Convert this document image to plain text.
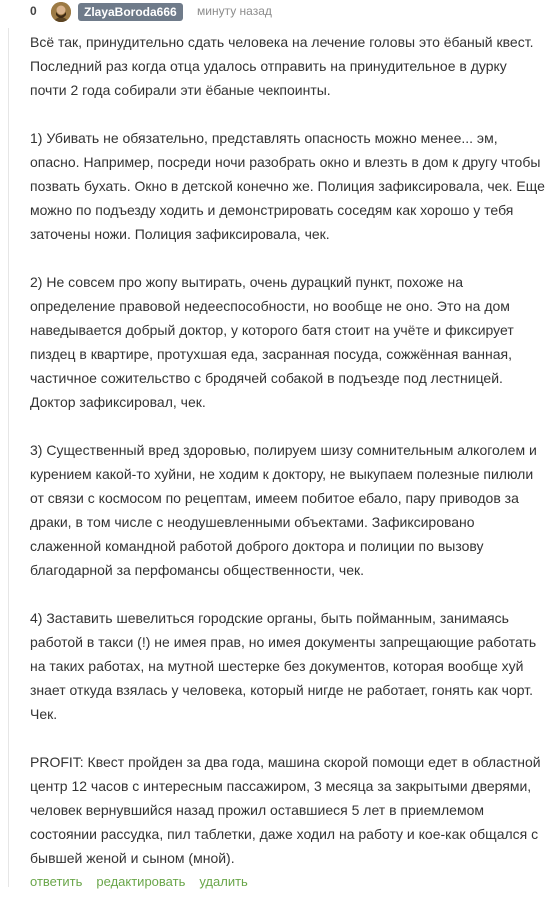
0	ZlayaBoroda666	минуту назад

Всё так, принудительно сдать человека на лечение головы это ёбаный квест. Последний раз когда отца удалось отправить на принудительное в дурку почти 2 года собирали эти ёбаные чекпоинты.

1) Убивать не обязательно, представлять опасность можно менее... эм, опасно. Например, посреди ночи разобрать окно и влезть в дом к другу чтобы позвать бухать. Окно в детской конечно же. Полиция зафиксировала, чек. Еще можно по подъезду ходить и демонстрировать соседям как хорошо у тебя заточены ножи. Полиция зафиксировала, чек.

2) Не совсем про жопу вытирать, очень дурацкий пункт, похоже на определение правовой недееспособности, но вообще не оно. Это на дом наведывается добрый доктор, у которого батя стоит на учёте и фиксирует пиздец в квартире, протухшая еда, засранная посуда, сожжённая ванная, частичное сожительство с бродячей собакой в подъезде под лестницей. Доктор зафиксировал, чек.

3) Существенный вред здоровью, полируем шизу сомнительным алкоголем и курением какой-то хуйни, не ходим к доктору, не выкупаем полезные пилюли от связи с космосом по рецептам, имеем побитое ебало, пару приводов за драки, в том числе с неодушевленными объектами. Зафиксировано слаженной командной работой доброго доктора и полиции по вызову благодарной за перфомансы общественности, чек.

4) Заставить шевелиться городские органы, быть пойманным, занимаясь работой в такси (!) не имея прав, но имея документы запрещающие работать на таких работах, на мутной шестерке без документов, которая вообще хуй знает откуда взялась у человека, который нигде не работает, гонять как чорт. Чек.

PROFIT: Квест пройден за два года, машина скорой помощи едет в областной центр 12 часов с интересным пассажиром, 3 месяца за закрытыми дверями, человек вернувшийся назад прожил оставшиеся 5 лет в приемлемом состоянии рассудка, пил таблетки, даже ходил на работу и кое-как общался с бывшей женой и сыном (мной).

ответить редактировать удалить
